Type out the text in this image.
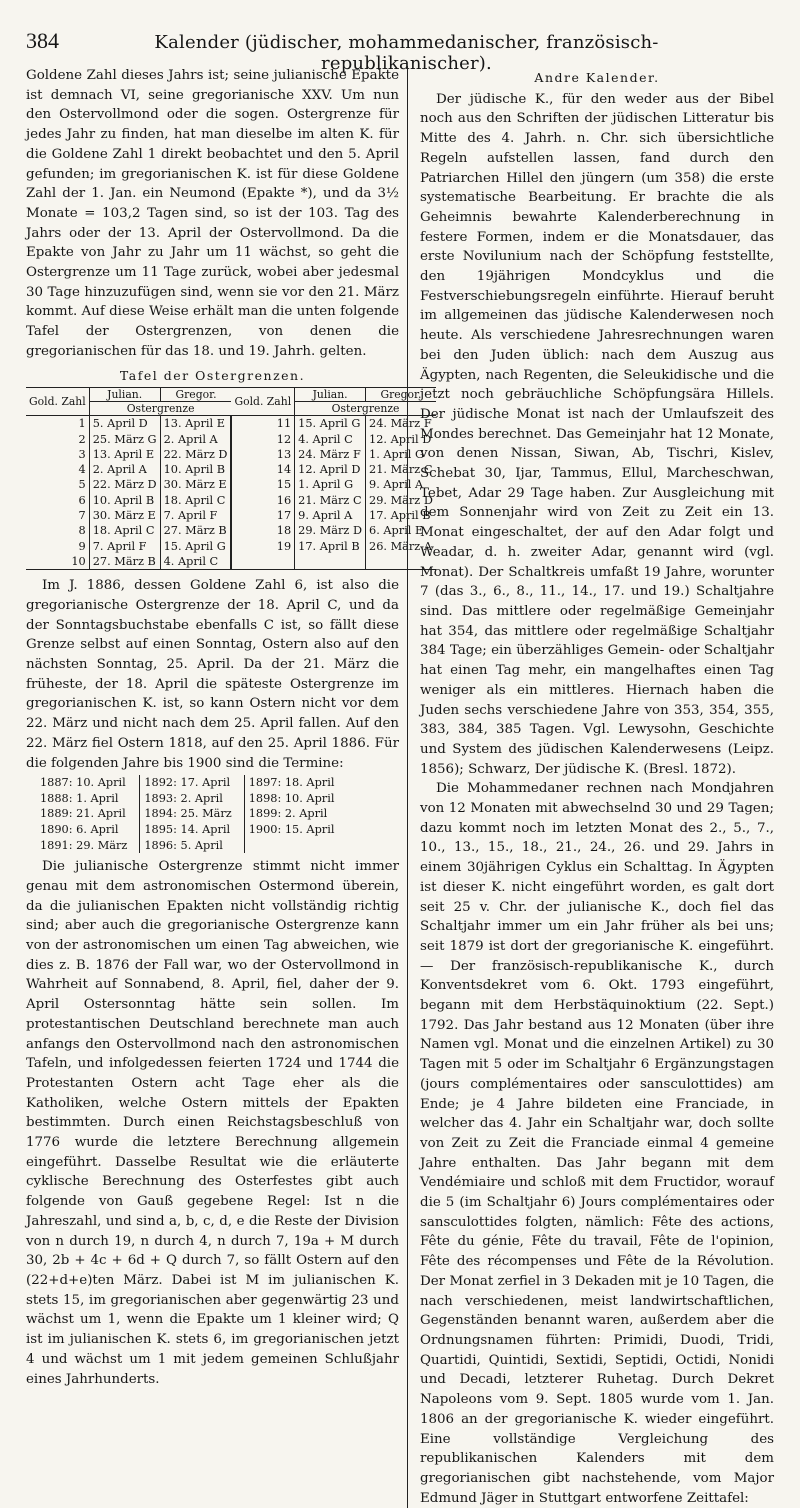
384	Kalender (jüdischer, mohammedanischer, französisch-republikanischer).

Goldene Zahl dieses Jahrs ist; seine julianische Epakte ist demnach VI, seine gregorianische XXV. Um nun den Ostervollmond oder die sogen. Ostergrenze für jedes Jahr zu finden, hat man dieselbe im alten K. für die Goldene Zahl 1 direkt beobachtet und den 5. April gefunden; im gregorianischen K. ist für diese Goldene Zahl der 1. Jan. ein Neumond (Epakte *), und da 3½ Monate = 103,2 Tagen sind, so ist der 103. Tag des Jahrs oder der 13. April der Ostervollmond. Da die Epakte von Jahr zu Jahr um 11 wächst, so geht die Ostergrenze um 11 Tage zurück, wobei aber jedesmal 30 Tage hinzuzufügen sind, wenn sie vor den 21. März kommt. Auf diese Weise erhält man die unten folgende Tafel der Ostergrenzen, von denen die gregorianischen für das 18. und 19. Jahrh. gelten.

Tafel der Ostergrenzen.
Gold. Zahl	Julian.	Gregor.	Gold. Zahl	Julian.	Gregor.
	Ostergrenze			Ostergrenze	
1	5. April D	13. April E	11	15. April G	24. März F
2	25. März G	2. April A	12	4. April C	12. April D
3	13. April E	22. März D	13	24. März F	1. April G
4	2. April A	10. April B	14	12. April D	21. März C
5	22. März D	30. März E	15	1. April G	9. April A
6	10. April B	18. April C	16	21. März C	29. März D
7	30. März E	7. April F	17	9. April A	17. April B
8	18. April C	27. März B	18	29. März D	6. April E
9	7. April F	15. April G	19	17. April B	26. März A
10	27. März B	4. April C			

Im J. 1886, dessen Goldene Zahl 6, ist also die gregorianische Ostergrenze der 18. April C, und da der Sonntagsbuchstabe ebenfalls C ist, so fällt diese Grenze selbst auf einen Sonntag, Ostern also auf den nächsten Sonntag, 25. April. Da der 21. März die früheste, der 18. April die späteste Ostergrenze im gregorianischen K. ist, so kann Ostern nicht vor dem 22. März und nicht nach dem 25. April fallen. Auf den 22. März fiel Ostern 1818, auf den 25. April 1886. Für die folgenden Jahre bis 1900 sind die Termine:

1887: 10. April	1892: 17. April	1897: 18. April
1888: 1. April	1893: 2. April	1898: 10. April
1889: 21. April	1894: 25. März	1899: 2. April
1890: 6. April	1895: 14. April	1900: 15. April
1891: 29. März	1896: 5. April	

Die julianische Ostergrenze stimmt nicht immer genau mit dem astronomischen Ostermond überein, da die julianischen Epakten nicht vollständig richtig sind; aber auch die gregorianische Ostergrenze kann von der astronomischen um einen Tag abweichen, wie dies z. B. 1876 der Fall war, wo der Ostervollmond in Wahrheit auf Sonnabend, 8. April, fiel, daher der 9. April Ostersonntag hätte sein sollen. Im protestantischen Deutschland berechnete man auch anfangs den Ostervollmond nach den astronomischen Tafeln, und infolgedessen feierten 1724 und 1744 die Protestanten Ostern acht Tage eher als die Katholiken, welche Ostern mittels der Epakten bestimmten. Durch einen Reichstagsbeschluß von 1776 wurde die letztere Berechnung allgemein eingeführt. Dasselbe Resultat wie die erläuterte cyklische Berechnung des Osterfestes gibt auch folgende von Gauß gegebene Regel: Ist n die Jahreszahl, und sind a, b, c, d, e die Reste der Division von n durch 19, n durch 4, n durch 7, 19a + M durch 30, 2b + 4c + 6d + Q durch 7, so fällt Ostern auf den (22+d+e)ten März. Dabei ist M im julianischen K. stets 15, im gregorianischen aber gegenwärtig 23 und wächst um 1, wenn die Epakte um 1 kleiner wird; Q ist im julianischen K. stets 6, im gregorianischen jetzt 4 und wächst um 1 mit jedem gemeinen Schlußjahr eines Jahrhunderts.

Andre Kalender.

Der jüdische K., für den weder aus der Bibel noch aus den Schriften der jüdischen Litteratur bis Mitte des 4. Jahrh. n. Chr. sich übersichtliche Regeln aufstellen lassen, fand durch den Patriarchen Hillel den jüngern (um 358) die erste systematische Bearbeitung. Er brachte die als Geheimnis bewahrte Kalenderberechnung in festere Formen, indem er die Monatsdauer, das erste Novilunium nach der Schöpfung feststellte, den 19jährigen Mondcyklus und die Festverschiebungsregeln einführte. Hierauf beruht im allgemeinen das jüdische Kalenderwesen noch heute. Als verschiedene Jahresrechnungen waren bei den Juden üblich: nach dem Auszug aus Ägypten, nach Regenten, die Seleukidische und die jetzt noch gebräuchliche Schöpfungsära Hillels. Der jüdische Monat ist nach der Umlaufszeit des Mondes berechnet. Das Gemeinjahr hat 12 Monate, von denen Nissan, Siwan, Ab, Tischri, Kislev, Schebat 30, Ijar, Tammus, Ellul, Marcheschwan, Tebet, Adar 29 Tage haben. Zur Ausgleichung mit dem Sonnenjahr wird von Zeit zu Zeit ein 13. Monat eingeschaltet, der auf den Adar folgt und Weadar, d. h. zweiter Adar, genannt wird (vgl. Monat). Der Schaltkreis umfaßt 19 Jahre, worunter 7 (das 3., 6., 8., 11., 14., 17. und 19.) Schaltjahre sind. Das mittlere oder regelmäßige Gemeinjahr hat 354, das mittlere oder regelmäßige Schaltjahr 384 Tage; ein überzähliges Gemein- oder Schaltjahr hat einen Tag mehr, ein mangelhaftes einen Tag weniger als ein mittleres. Hiernach haben die Juden sechs verschiedene Jahre von 353, 354, 355, 383, 384, 385 Tagen. Vgl. Lewysohn, Geschichte und System des jüdischen Kalenderwesens (Leipz. 1856); Schwarz, Der jüdische K. (Bresl. 1872).

Die Mohammedaner rechnen nach Mondjahren von 12 Monaten mit abwechselnd 30 und 29 Tagen; dazu kommt noch im letzten Monat des 2., 5., 7., 10., 13., 15., 18., 21., 24., 26. und 29. Jahrs in einem 30jährigen Cyklus ein Schalttag. In Ägypten ist dieser K. nicht eingeführt worden, es galt dort seit 25 v. Chr. der julianische K., doch fiel das Schaltjahr immer um ein Jahr früher als bei uns; seit 1879 ist dort der gregorianische K. eingeführt. — Der französisch-republikanische K., durch Konventsdekret vom 6. Okt. 1793 eingeführt, begann mit dem Herbstäquinoktium (22. Sept.) 1792. Das Jahr bestand aus 12 Monaten (über ihre Namen vgl. Monat und die einzelnen Artikel) zu 30 Tagen mit 5 oder im Schaltjahr 6 Ergänzungstagen (jours complémentaires oder sansculottides) am Ende; je 4 Jahre bildeten eine Franciade, in welcher das 4. Jahr ein Schaltjahr war, doch sollte von Zeit zu Zeit die Franciade einmal 4 gemeine Jahre enthalten. Das Jahr begann mit dem Vendémiaire und schloß mit dem Fructidor, worauf die 5 (im Schaltjahr 6) Jours complémentaires oder sansculottides folgten, nämlich: Fête des actions, Fête du génie, Fête du travail, Fête de l'opinion, Fête des récompenses und Fête de la Révolution. Der Monat zerfiel in 3 Dekaden mit je 10 Tagen, die nach verschiedenen, meist landwirtschaftlichen, Gegenständen benannt waren, außerdem aber die Ordnungsnamen führten: Primidi, Duodi, Tridi, Quartidi, Quintidi, Sextidi, Septidi, Octidi, Nonidi und Decadi, letzterer Ruhetag. Durch Dekret Napoleons vom 9. Sept. 1805 wurde vom 1. Jan. 1806 an der gregorianische K. wieder eingeführt. Eine vollständige Vergleichung des republikanischen Kalenders mit dem gregorianischen gibt nachstehende, vom Major Edmund Jäger in Stuttgart entworfene Zeittafel:
